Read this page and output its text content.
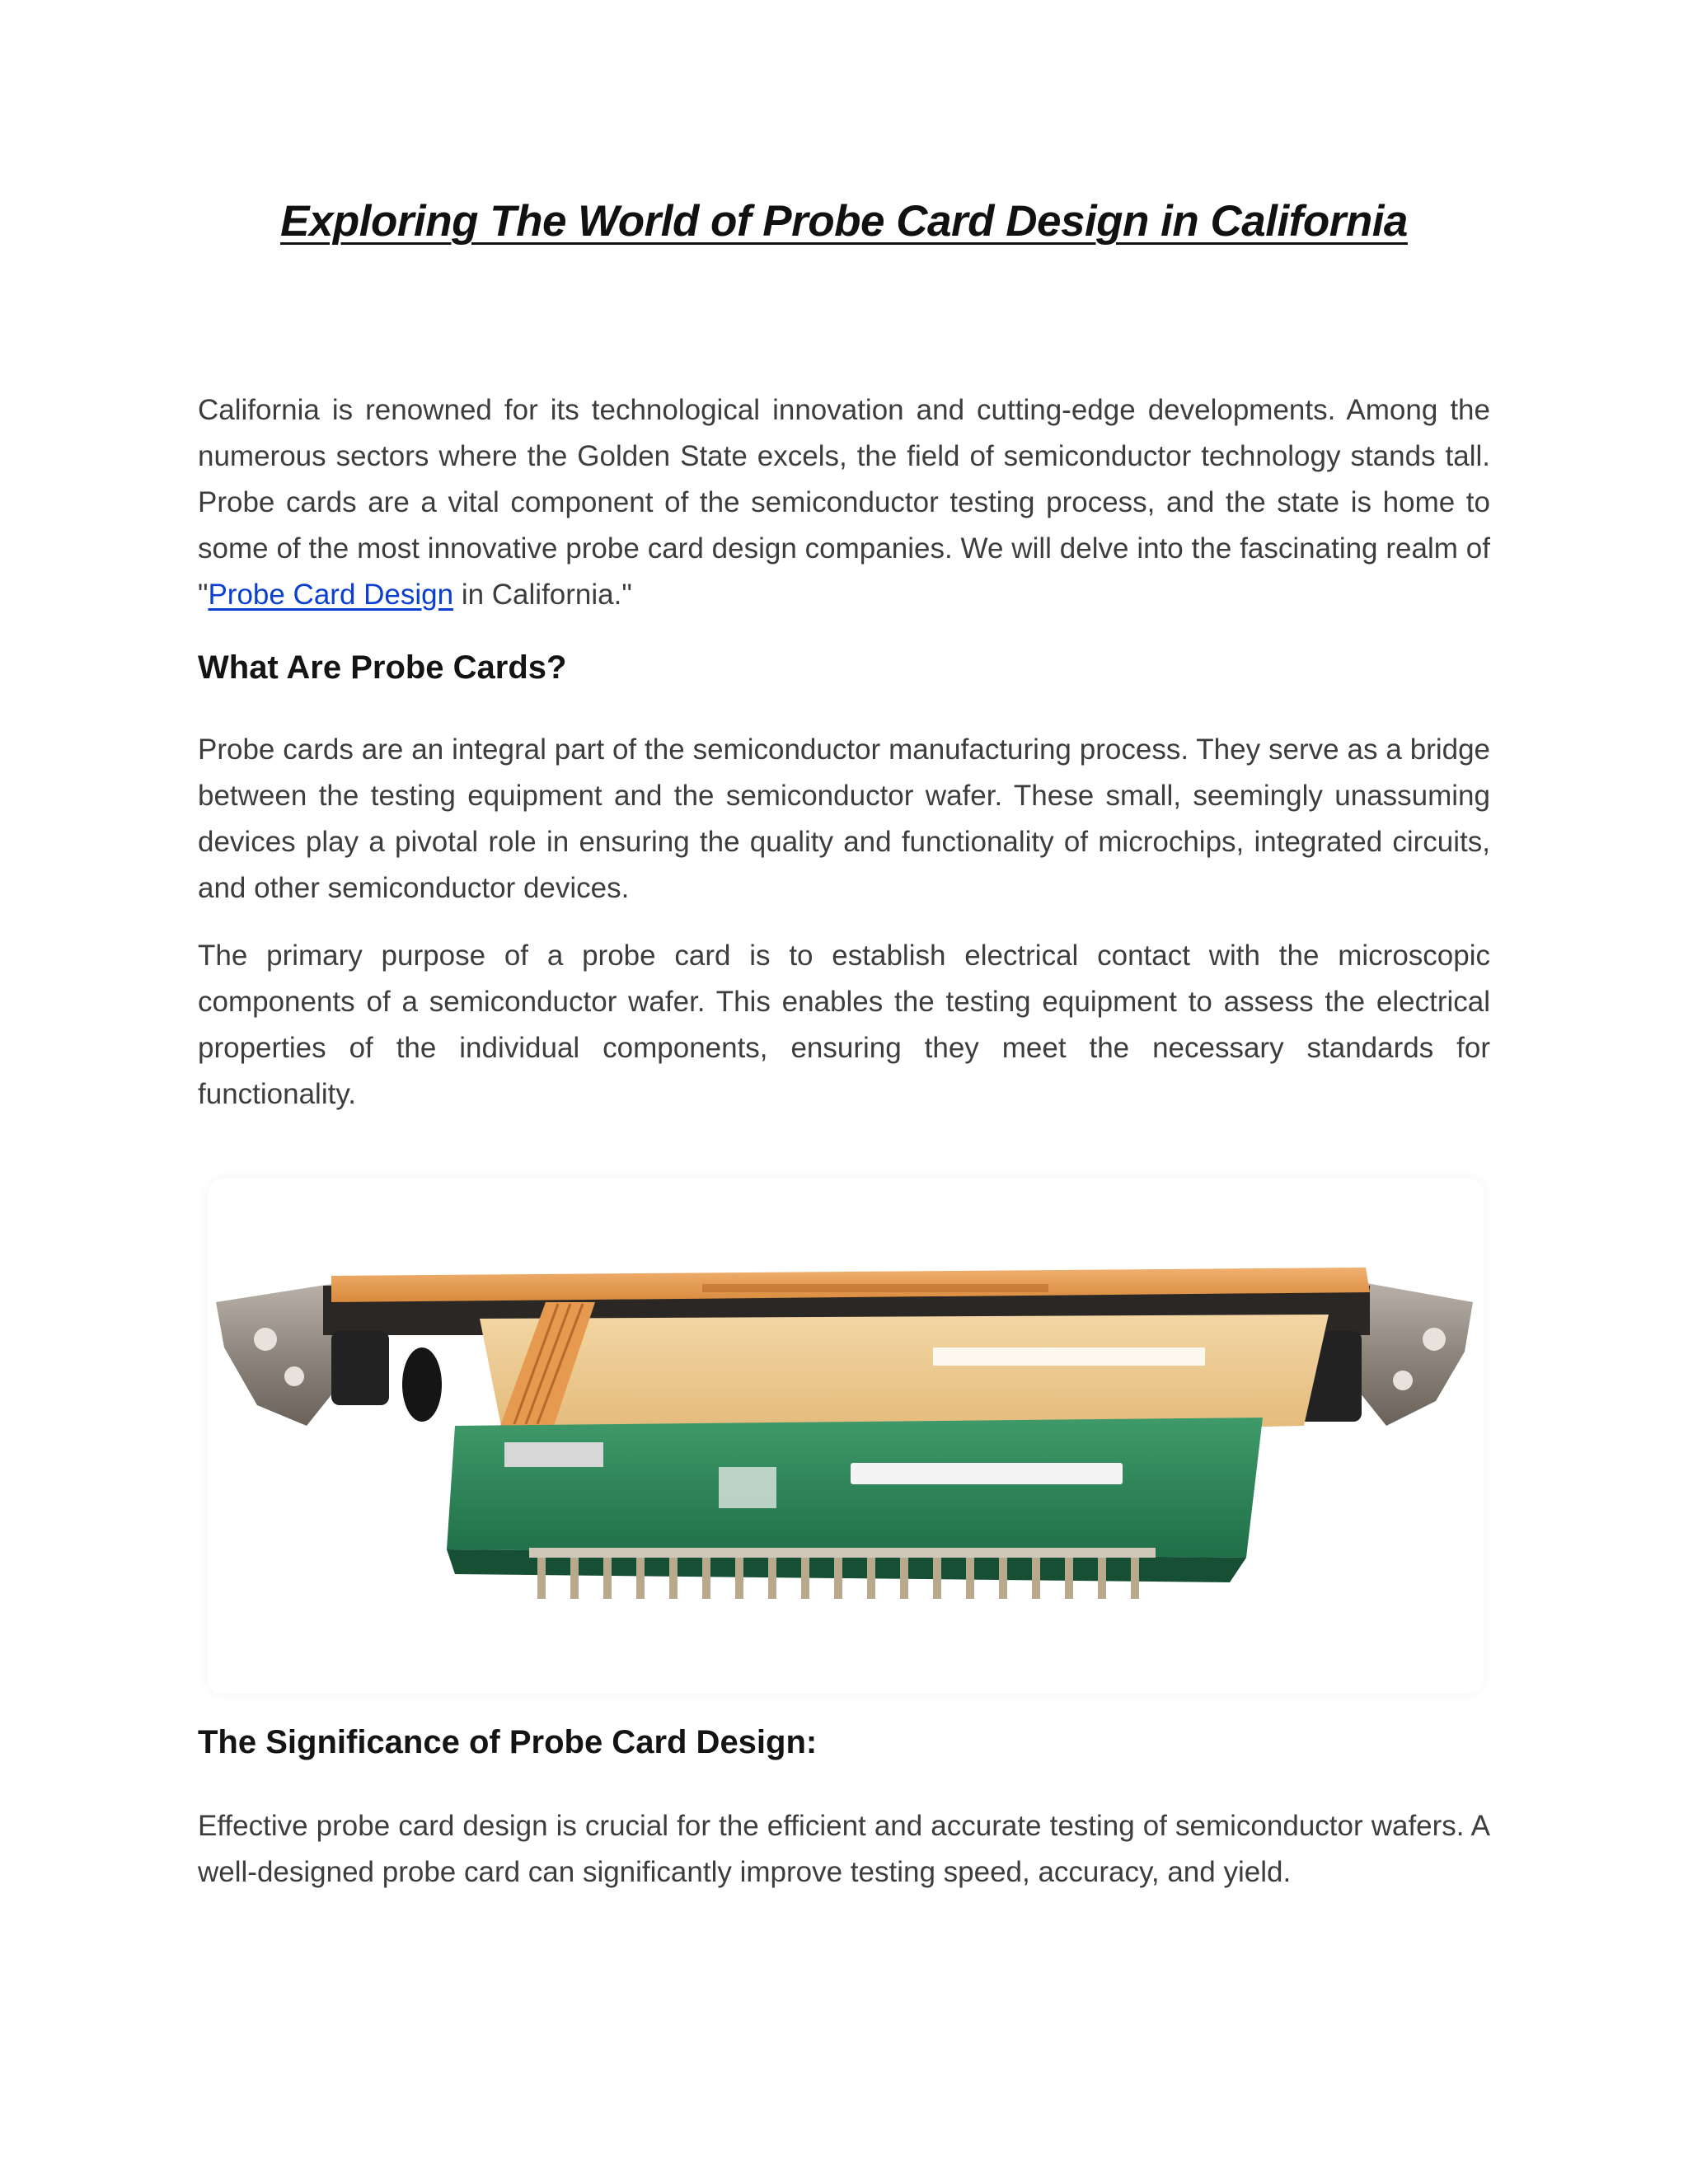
Exploring The World of Probe Card Design in California

California is renowned for its technological innovation and cutting-edge developments. Among the numerous sectors where the Golden State excels, the field of semiconductor technology stands tall. Probe cards are a vital component of the semiconductor testing process, and the state is home to some of the most innovative probe card design companies. We will delve into the fascinating realm of "Probe Card Design in California."

What Are Probe Cards?

Probe cards are an integral part of the semiconductor manufacturing process. They serve as a bridge between the testing equipment and the semiconductor wafer. These small, seemingly unassuming devices play a pivotal role in ensuring the quality and functionality of microchips, integrated circuits, and other semiconductor devices.

The primary purpose of a probe card is to establish electrical contact with the microscopic components of a semiconductor wafer. This enables the testing equipment to assess the electrical properties of the individual components, ensuring they meet the necessary standards for functionality.

The Significance of Probe Card Design:

Effective probe card design is crucial for the efficient and accurate testing of semiconductor wafers. A well-designed probe card can significantly improve testing speed, accuracy, and yield.
